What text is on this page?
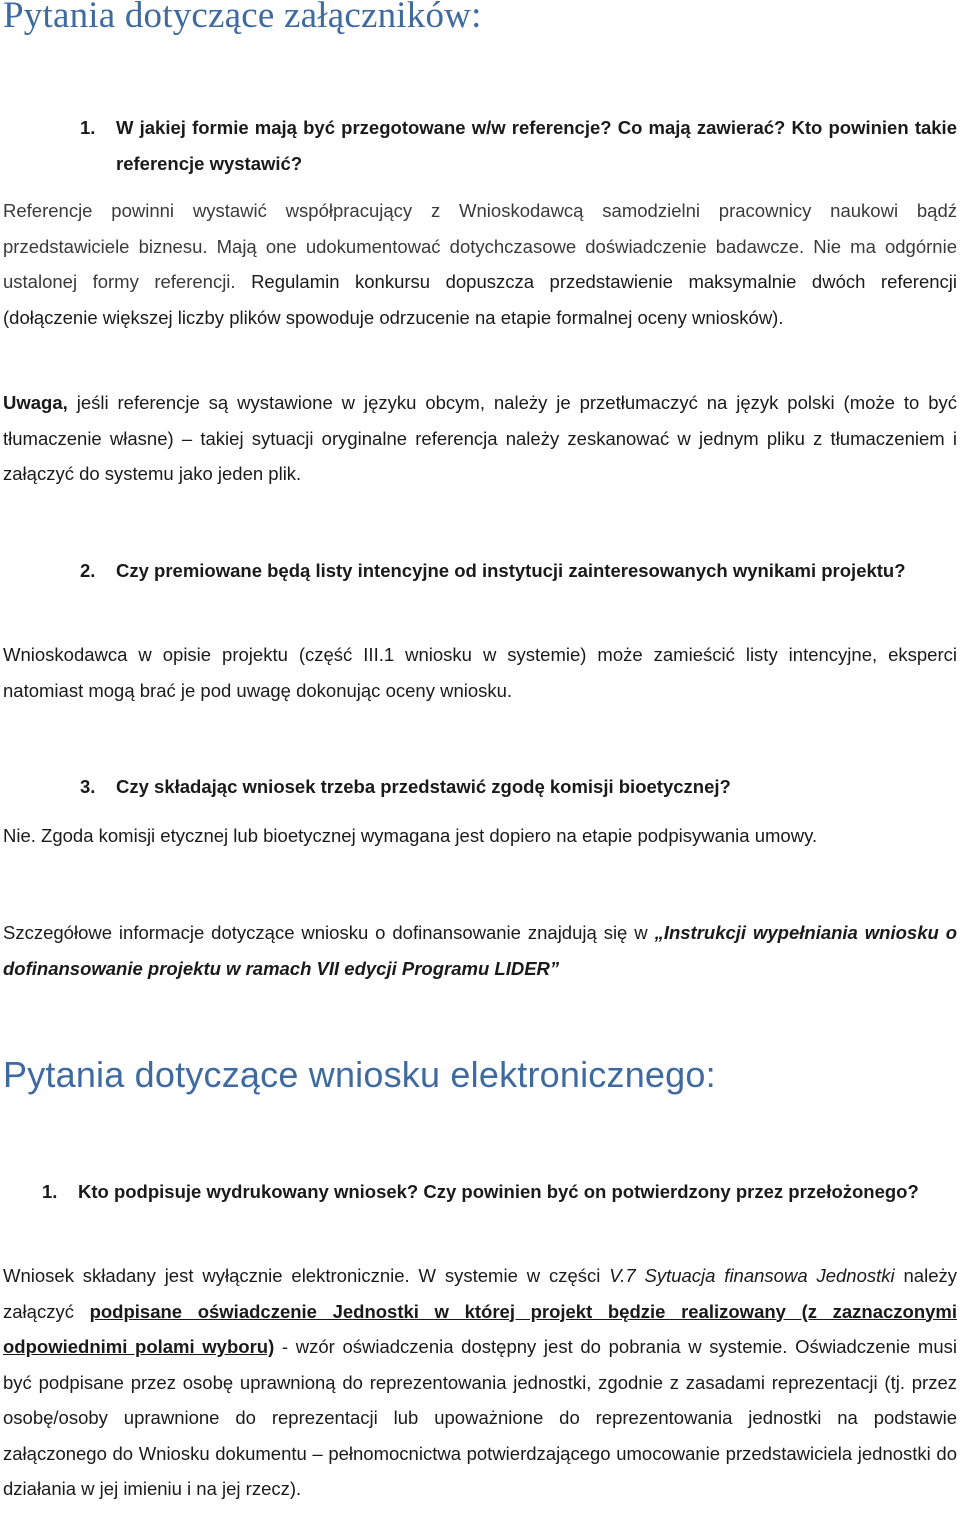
Pytania dotyczące załączników:
1.	W jakiej formie mają być przegotowane w/w referencje? Co mają zawierać? Kto powinien takie referencje wystawić?

Referencje powinni wystawić współpracujący z Wnioskodawcą samodzielni pracownicy naukowi bądź przedstawiciele biznesu. Mają one udokumentować dotychczasowe doświadczenie badawcze. Nie ma odgórnie ustalonej formy referencji. Regulamin konkursu dopuszcza przedstawienie maksymalnie dwóch referencji (dołączenie większej liczby plików spowoduje odrzucenie na etapie formalnej oceny wniosków).

Uwaga, jeśli referencje są wystawione w języku obcym, należy je przetłumaczyć na język polski (może to być tłumaczenie własne) – takiej sytuacji oryginalne referencja należy zeskanować w jednym pliku z tłumaczeniem i załączyć do systemu jako jeden plik.

2.	Czy premiowane będą listy intencyjne od instytucji zainteresowanych wynikami projektu?

Wnioskodawca w opisie projektu (część III.1 wniosku w systemie) może zamieścić listy intencyjne, eksperci natomiast mogą brać je pod uwagę dokonując oceny wniosku.

3.	Czy składając wniosek trzeba przedstawić zgodę komisji bioetycznej?

Nie. Zgoda komisji etycznej lub bioetycznej wymagana jest dopiero na etapie podpisywania umowy.

Szczegółowe informacje dotyczące wniosku o dofinansowanie znajdują się w „Instrukcji wypełniania wniosku o dofinansowanie projektu w ramach VII edycji Programu LIDER”

Pytania dotyczące wniosku elektronicznego:
1.	Kto podpisuje wydrukowany wniosek? Czy powinien być on potwierdzony przez przełożonego?

Wniosek składany jest wyłącznie elektronicznie. W systemie w części V.7 Sytuacja finansowa Jednostki należy załączyć podpisane oświadczenie Jednostki w której projekt będzie realizowany (z zaznaczonymi odpowiednimi polami wyboru) - wzór oświadczenia dostępny jest do pobrania w systemie. Oświadczenie musi być podpisane przez osobę uprawnioną do reprezentowania jednostki, zgodnie z zasadami reprezentacji (tj. przez osobę/osoby uprawnione do reprezentacji lub upoważnione do reprezentowania jednostki na podstawie załączonego do Wniosku dokumentu – pełnomocnictwa potwierdzającego umocowanie przedstawiciela jednostki do działania w jej imieniu i na jej rzecz).
